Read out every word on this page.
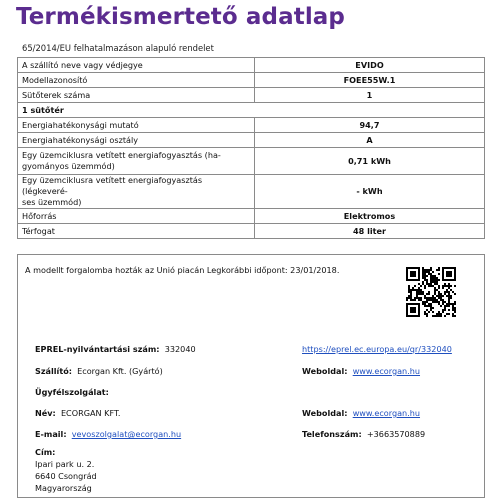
Termékismertető adatlap
65/2014/EU felhatalmazáson alapuló rendelet
A szállító neve vagy védjegye	EVIDO
Modellazonosító	FOEE55W.1
Sütőterek száma	1
1 sütőtér	
Energiahatékonysági mutató	94,7
Energiahatékonysági osztály	A
Egy üzemciklusra vetített energiafogyasztás (ha-
gyományos üzemmód)	0,71 kWh
Egy üzemciklusra vetített energiafogyasztás (légkeveré-
ses üzemmód)	- kWh
Hőforrás	Elektromos
Térfogat	48 liter
A modellt forgalomba hozták az Unió piacán Legkorábbi időpont: 23/01/2018.
EPREL-nyilvántartási szám: 332040	https://eprel.ec.europa.eu/qr/332040
Szállító: Ecorgan Kft. (Gyártó)	Weboldal: www.ecorgan.hu
Ügyfélszolgálat:
Név: ECORGAN KFT.	Weboldal: www.ecorgan.hu
E-mail: vevoszolgalat@ecorgan.hu	Telefonszám: +3663570889
Cím:
Ipari park u. 2.
6640 Csongrád
Magyarország
